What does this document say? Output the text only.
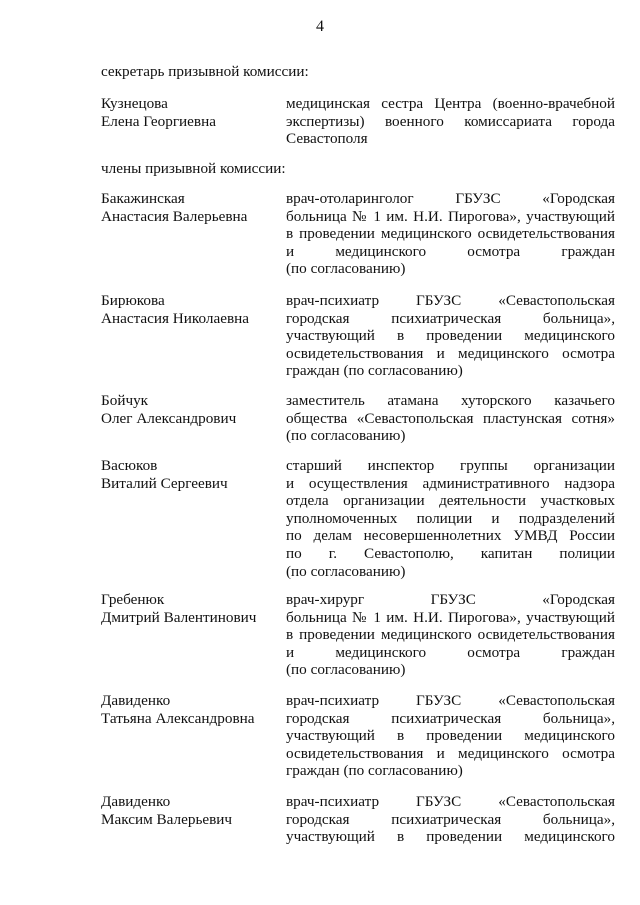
4
секретарь призывной комиссии:
Кузнецова
Елена Георгиевна
медицинская сестра Центра (военно-врачебной
экспертизы) военного комиссариата города
Севастополя
члены призывной комиссии:
Бакажинская
Анастасия Валерьевна
врач-отоларинголог ГБУЗС «Городская
больница № 1 им. Н.И. Пирогова», участвующий
в проведении медицинского освидетельствования
и медицинского осмотра граждан
(по согласованию)
Бирюкова
Анастасия Николаевна
врач-психиатр ГБУЗС «Севастопольская
городская психиатрическая больница»,
участвующий в проведении медицинского
освидетельствования и медицинского осмотра
граждан (по согласованию)
Бойчук
Олег Александрович
заместитель атамана хуторского казачьего
общества «Севастопольская пластунская сотня»
(по согласованию)
Васюков
Виталий Сергеевич
старший инспектор группы организации
и осуществления административного надзора
отдела организации деятельности участковых
уполномоченных полиции и подразделений
по делам несовершеннолетних УМВД России
по г. Севастополю, капитан полиции
(по согласованию)
Гребенюк
Дмитрий Валентинович
врач-хирург ГБУЗС «Городская
больница № 1 им. Н.И. Пирогова», участвующий
в проведении медицинского освидетельствования
и медицинского осмотра граждан
(по согласованию)
Давиденко
Татьяна Александровна
врач-психиатр ГБУЗС «Севастопольская
городская психиатрическая больница»,
участвующий в проведении медицинского
освидетельствования и медицинского осмотра
граждан (по согласованию)
Давиденко
Максим Валерьевич
врач-психиатр ГБУЗС «Севастопольская
городская психиатрическая больница»,
участвующий в проведении медицинского
